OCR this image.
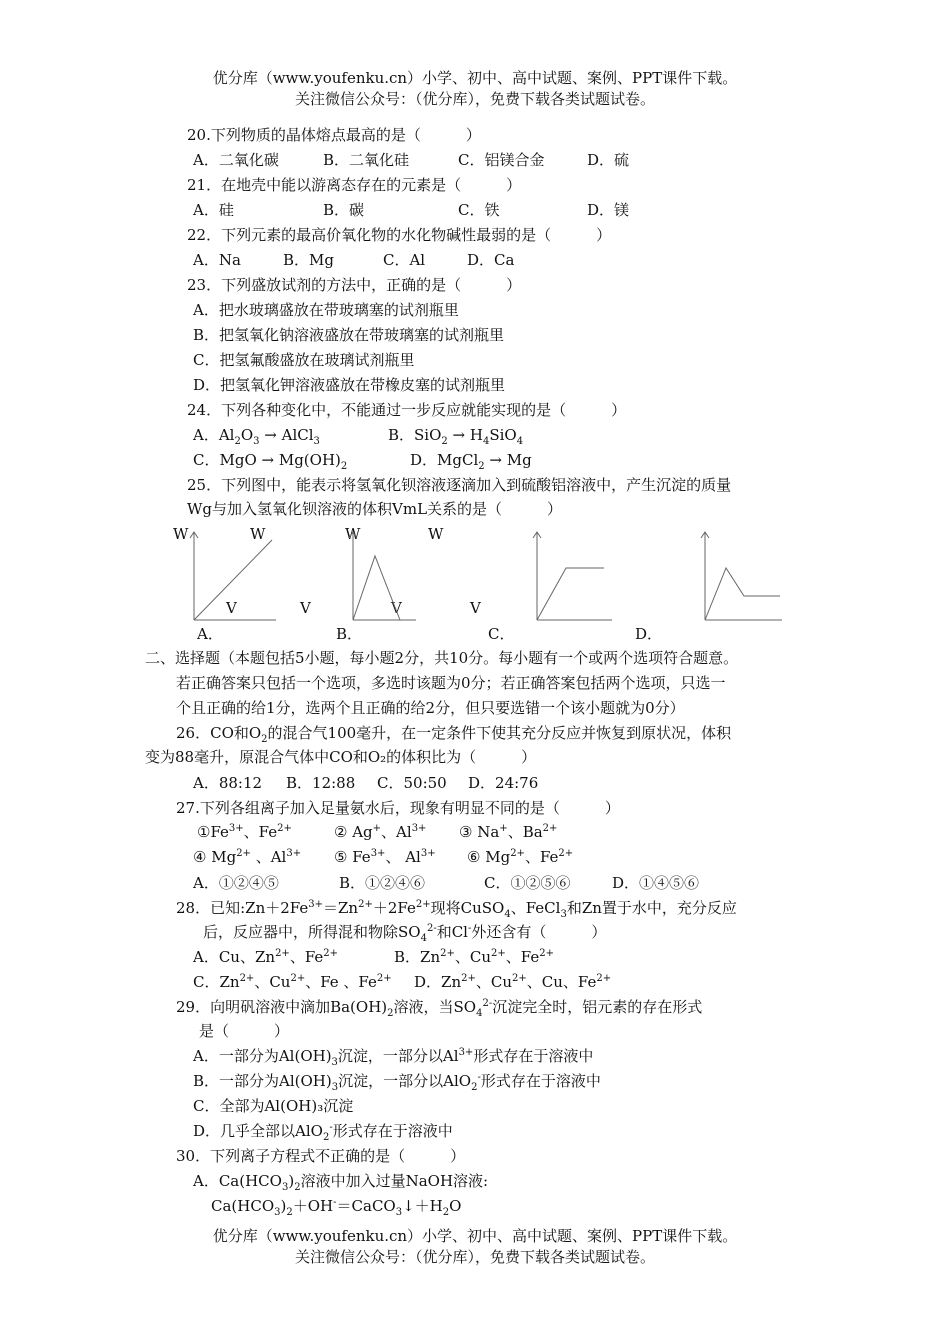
优分库（www.youfenku.cn）小学、初中、高中试题、案例、PPT课件下载。
关注微信公众号：（优分库），免费下载各类试题试卷。
20.下列物质的晶体熔点最高的是（　　　）
A．二氧化碳	B．二氧化硅	C．铝镁合金	D．硫
21．在地壳中能以游离态存在的元素是（　　　）
A．硅	B．碳	C．铁	D．镁
22．下列元素的最高价氧化物的水化物碱性最弱的是（　　　）
A．Na	B．Mg	C．Al	D．Ca
23．下列盛放试剂的方法中，正确的是（　　　）
A．把水玻璃盛放在带玻璃塞的试剂瓶里
B．把氢氧化钠溶液盛放在带玻璃塞的试剂瓶里
C．把氢氟酸盛放在玻璃试剂瓶里
D．把氢氧化钾溶液盛放在带橡皮塞的试剂瓶里
24．下列各种变化中，不能通过一步反应就能实现的是（　　　）
A．$Al_2O_3$ → AlCl$_3$	B．$SiO_2 \to H_4SiO_4$
C．MgO → $Mg(OH)_2$	D．MgCl$_2$ → Mg
25．下列图中，能表示将氢氧化钡溶液逐滴加入到硫酸铝溶液中，产生沉淀的质量
Wg与加入氢氧化钡溶液的体积VmL关系的是（　　　）
W	W	W	W
V	V	V	V
A．	B．	C．	D．
二、选择题（本题包括5小题，每小题2分，共10分。每小题有一个或两个选项符合题意。
若正确答案只包括一个选项，多选时该题为0分；若正确答案包括两个选项，只选一
个且正确的给1分，选两个且正确的给2分，但只要选错一个该小题就为0分）
26．CO和$O_2$的混合气100毫升，在一定条件下使其充分反应并恢复到原状况，体积
变为88毫升，原混合气体中CO和O₂的体积比为（　　　）
A．88:12 B．12:88 C．50:50 D．24:76
27.下列各组离子加入足量氨水后，现象有明显不同的是（　　　）
$①Fe^{3+}$、$Fe^{2+}$	② Ag+、$Al^{3+}$ ③ Na+、$Ba^{2+}$
④ $Mg^{2+}$ 、$Al^{3+}$ ⑤ $Fe^{3+}$、 $Al^{3+}$ ⑥ $Mg^{2+}$、$Fe^{2+}$
A．①②④⑤	B．①②④⑥	C．①②⑤⑥	D．①④⑤⑥
28．已知$:Zn+2Fe^{3+}=Zn^{2+}+2Fe^{2+}$现将CuSO$_4$、FeCl$_3$和Zn置于水中，充分反应
后，反应器中，所得混和物除$SO_4^{2-}$和Cl-外还含有（　　　）
A．Cu、$Zn^{2+}$、$Fe^{2+}$	B．$Zn^{2+}$、$Cu^{2+}$、$Fe^{2+}$
C．$Zn^{2+}$、$Cu^{2+}$、Fe 、$Fe^{2+}$ D．$Zn^{2+}$、$Cu^{2+}$、Cu、$Fe^{2+}$
29．向明矾溶液中滴加$Ba(OH)_2$溶液，当$SO_4^{2-}$沉淀完全时，铝元素的存在形式
是（　　　）
A．一部分为$Al(OH)_3$沉淀，一部分以$Al^{3+}$形式存在于溶液中
B．一部分为$Al(OH)_3$沉淀，一部分以AlO$_2$-形式存在于溶液中
C．全部为Al(OH)₃沉淀
D．几乎全部以AlO$_2$-形式存在于溶液中
30．下列离子方程式不正确的是（　　　）
A．$Ca(HCO_3)_2$溶液中加入过量NaOH溶液:
$Ca(HCO_3)_2+OH^-=CaCO_3↓+H_2O$
优分库（www.youfenku.cn）小学、初中、高中试题、案例、PPT课件下载。
关注微信公众号：（优分库），免费下载各类试题试卷。
